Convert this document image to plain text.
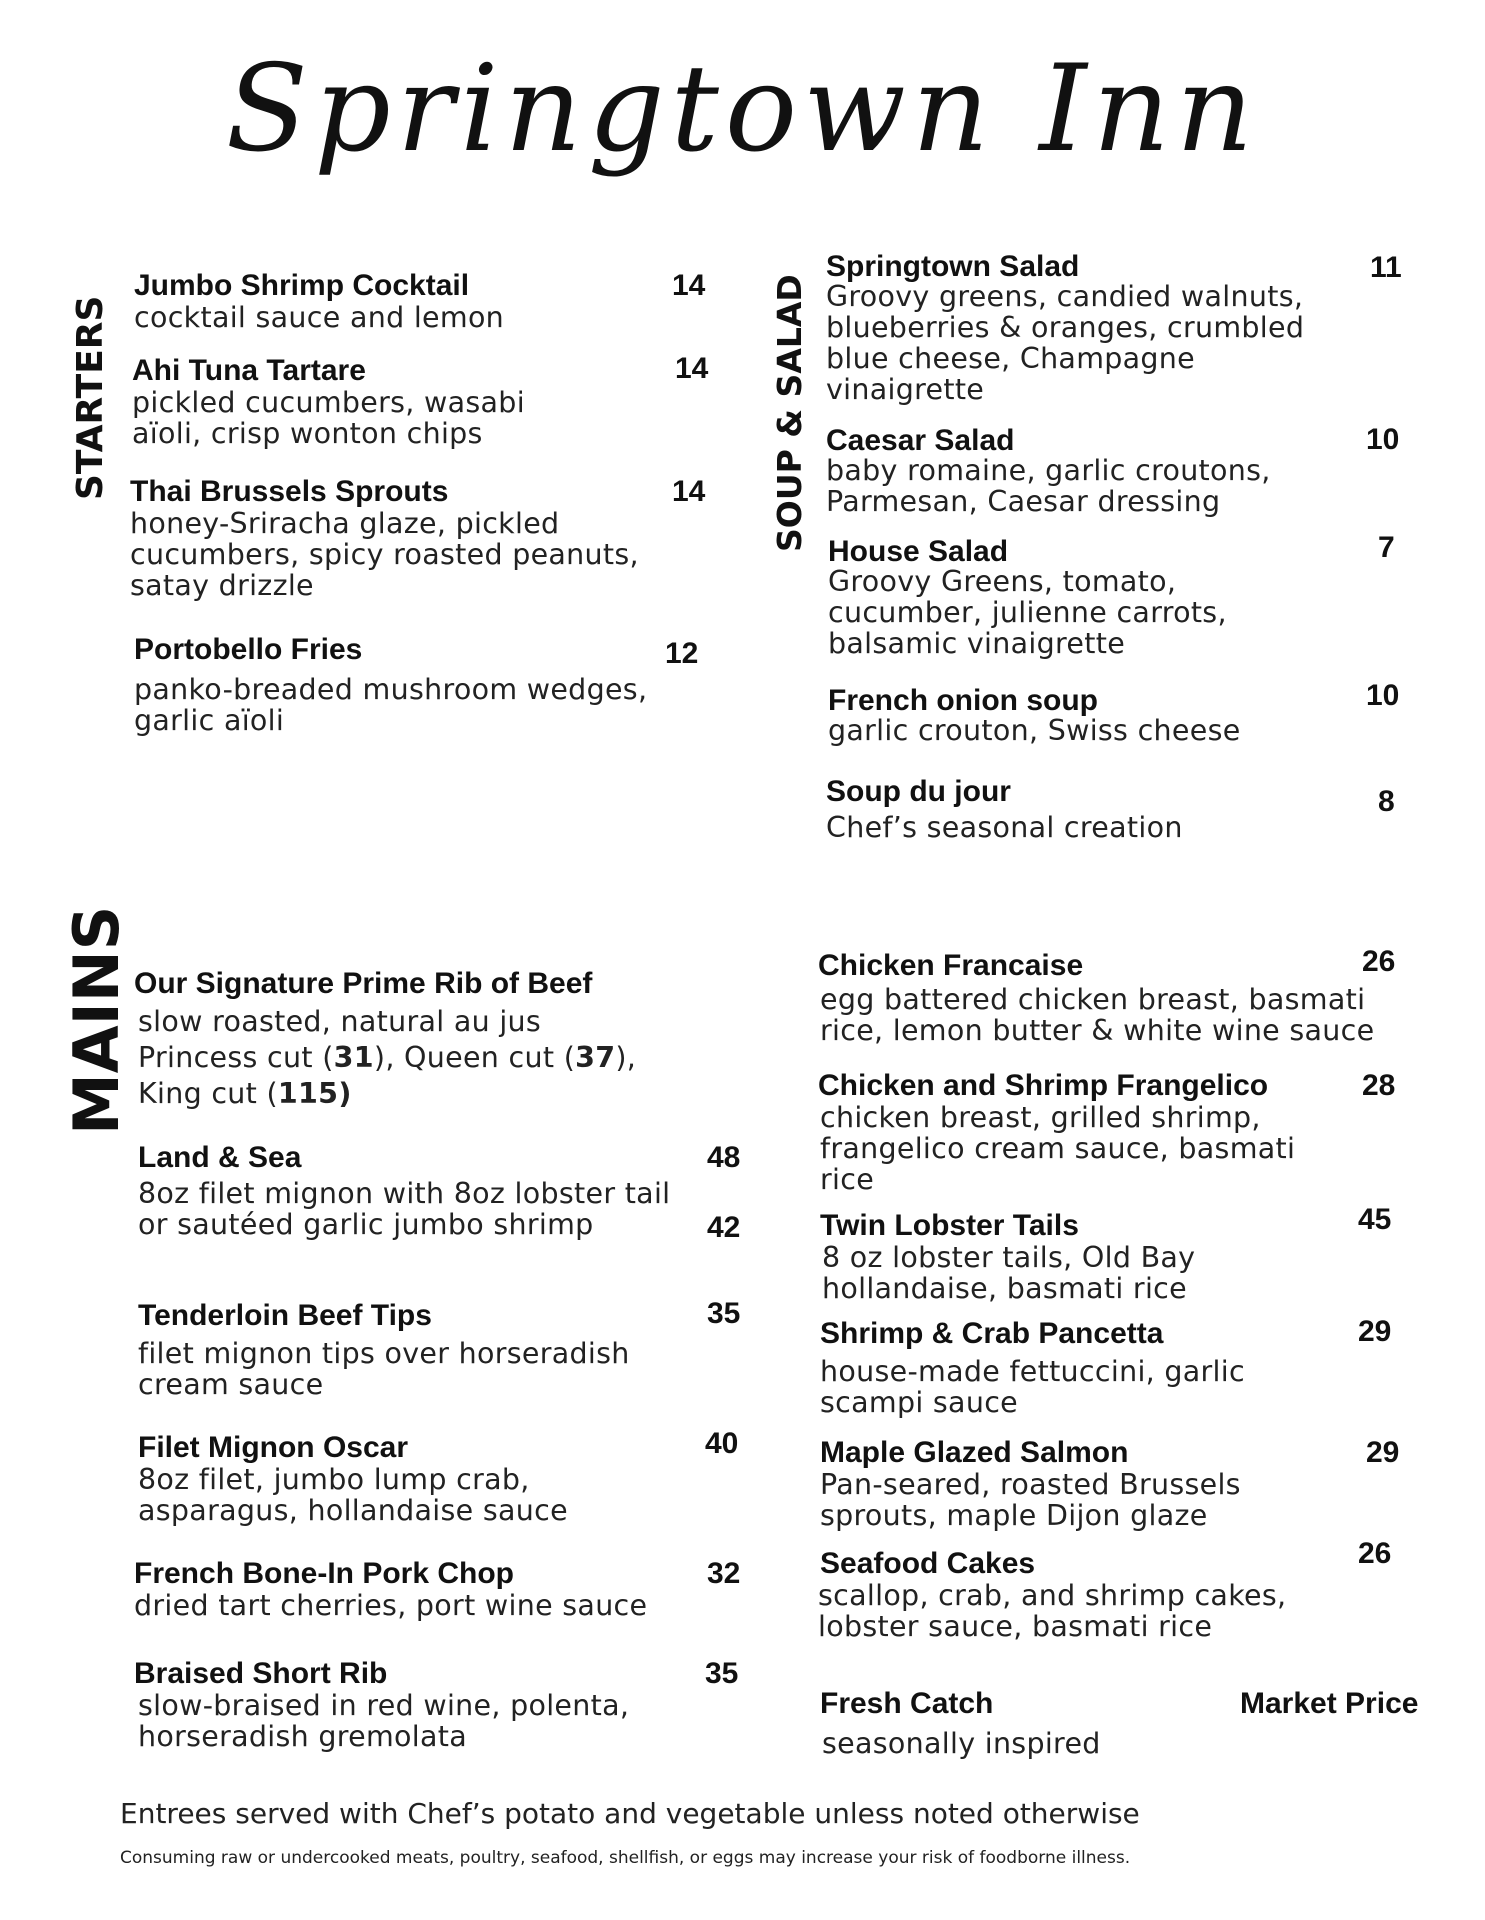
Springtown Inn
STARTERS	SOUP & SALAD
MAINS
Jumbo Shrimp Cocktail
cocktail sauce and lemon
14
Ahi Tuna Tartare
pickled cucumbers, wasabi aïoli, crisp wonton chips
14
Thai Brussels Sprouts
honey-Sriracha glaze, pickled cucumbers, spicy roasted peanuts, satay drizzle
14
Portobello Fries
panko-breaded mushroom wedges, garlic aïoli
12
Springtown Salad
Groovy greens, candied walnuts, blueberries & oranges, crumbled blue cheese, Champagne vinaigrette
11
Caesar Salad
baby romaine, garlic croutons, Parmesan, Caesar dressing
10
House Salad
Groovy Greens, tomato, cucumber, julienne carrots, balsamic vinaigrette
7
French onion soup
garlic crouton, Swiss cheese
10
Soup du jour
Chef’s seasonal creation
8
Our Signature Prime Rib of Beef
slow roasted, natural au jus
Princess cut (31), Queen cut (37),
King cut (115)
Land & Sea
8oz filet mignon with 8oz lobster tail or sautéed garlic jumbo shrimp
48
42
Tenderloin Beef Tips
filet mignon tips over horseradish cream sauce
35
Filet Mignon Oscar
8oz filet, jumbo lump crab, asparagus, hollandaise sauce
40
French Bone-In Pork Chop
dried tart cherries, port wine sauce
32
Braised Short Rib
slow-braised in red wine, polenta, horseradish gremolata
35
Chicken Francaise
egg battered chicken breast, basmati rice, lemon butter & white wine sauce
26
Chicken and Shrimp Frangelico
chicken breast, grilled shrimp, frangelico cream sauce, basmati rice
28
Twin Lobster Tails
8 oz lobster tails, Old Bay hollandaise, basmati rice
45
Shrimp & Crab Pancetta
house-made fettuccini, garlic scampi sauce
29
Maple Glazed Salmon
Pan-seared, roasted Brussels sprouts, maple Dijon glaze
29
Seafood Cakes
scallop, crab, and shrimp cakes, lobster sauce, basmati rice
26
Fresh Catch
seasonally inspired
Market Price
Entrees served with Chef’s potato and vegetable unless noted otherwise
Consuming raw or undercooked meats, poultry, seafood, shellfish, or eggs may increase your risk of foodborne illness.
